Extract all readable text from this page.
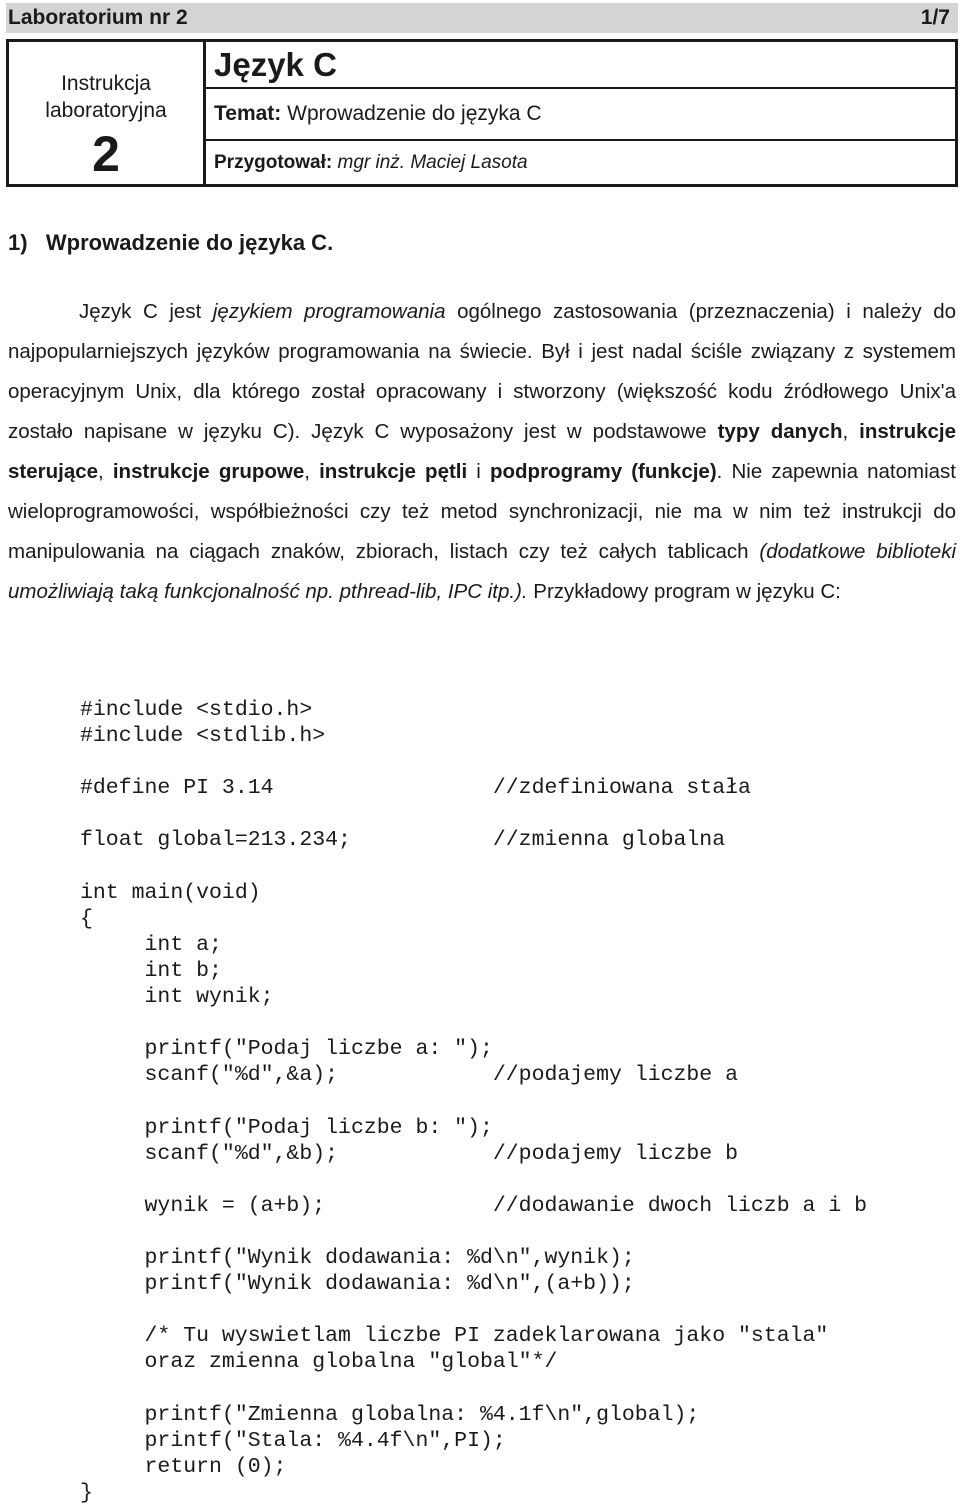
Laboratorium nr 2	1/7
Instrukcja
laboratoryjna
2
Język C
Temat: Wprowadzenie do języka C
Przygotował: mgr inż. Maciej Lasota
1)   Wprowadzenie do języka C.
Język C jest językiem programowania ogólnego zastosowania (przeznaczenia) i należy do najpopularniejszych języków programowania na świecie. Był i jest nadal ściśle związany z systemem operacyjnym Unix, dla którego został opracowany i stworzony (większość kodu źródłowego Unix'a zostało napisane w języku C). Język C wyposażony jest w podstawowe typy danych, instrukcje sterujące, instrukcje grupowe, instrukcje pętli i podprogramy (funkcje). Nie zapewnia natomiast wieloprogramowości, współbieżności czy też metod synchronizacji, nie ma w nim też instrukcji do manipulowania na ciągach znaków, zbiorach, listach czy też całych tablicach (dodatkowe biblioteki umożliwiają taką funkcjonalność np. pthread-lib, IPC itp.). Przykładowy program w języku C:
#include <stdio.h>
#include <stdlib.h>

#define PI 3.14                 //zdefiniowana stała

float global=213.234;           //zmienna globalna

int main(void)
{
int a;
int b;
int wynik;

printf("Podaj liczbe a: ");
scanf("%d",&a);            //podajemy liczbe a

printf("Podaj liczbe b: ");
scanf("%d",&b);            //podajemy liczbe b

wynik = (a+b);             //dodawanie dwoch liczb a i b

printf("Wynik dodawania: %d\n",wynik);
printf("Wynik dodawania: %d\n",(a+b));

/* Tu wyswietlam liczbe PI zadeklarowana jako "stala"
oraz zmienna globalna "global"*/

printf("Zmienna globalna: %4.1f\n",global);
printf("Stala: %4.4f\n",PI);
return (0);
}
